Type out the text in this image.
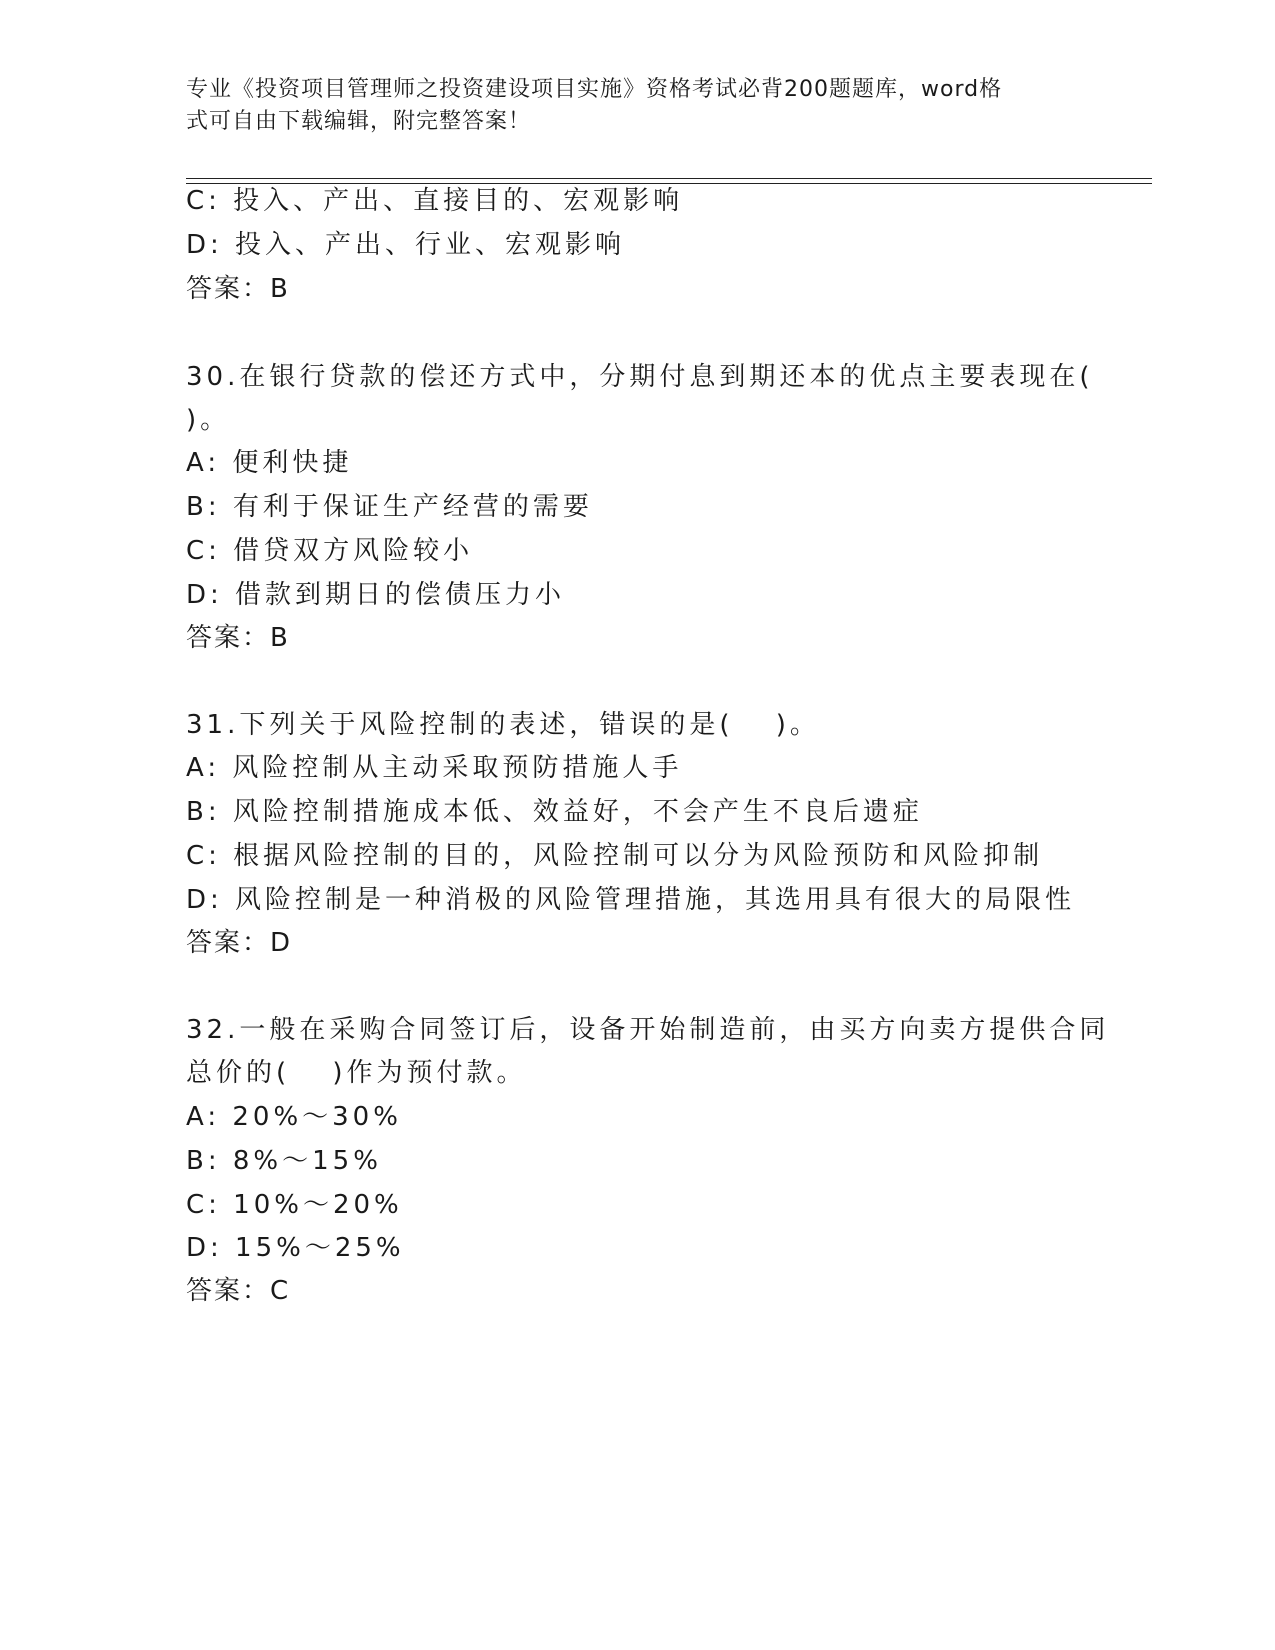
专业《投资项目管理师之投资建设项目实施》资格考试必背200题题库，word格
式可自由下载编辑，附完整答案！
C: 投入、产出、直接目的、宏观影响
D: 投入、产出、行业、宏观影响
答案：B
30.在银行贷款的偿还方式中，分期付息到期还本的优点主要表现在(
)。
A: 便利快捷
B: 有利于保证生产经营的需要
C: 借贷双方风险较小
D: 借款到期日的偿债压力小
答案：B
31.下列关于风险控制的表述，错误的是(　 )。
A: 风险控制从主动采取预防措施人手
B: 风险控制措施成本低、效益好，不会产生不良后遗症
C: 根据风险控制的目的，风险控制可以分为风险预防和风险抑制
D: 风险控制是一种消极的风险管理措施，其选用具有很大的局限性
答案：D
32.一般在采购合同签订后，设备开始制造前，由买方向卖方提供合同
总价的(　 )作为预付款。
A: 20%～30%
B: 8%～15%
C: 10%～20%
D: 15%～25%
答案：C
